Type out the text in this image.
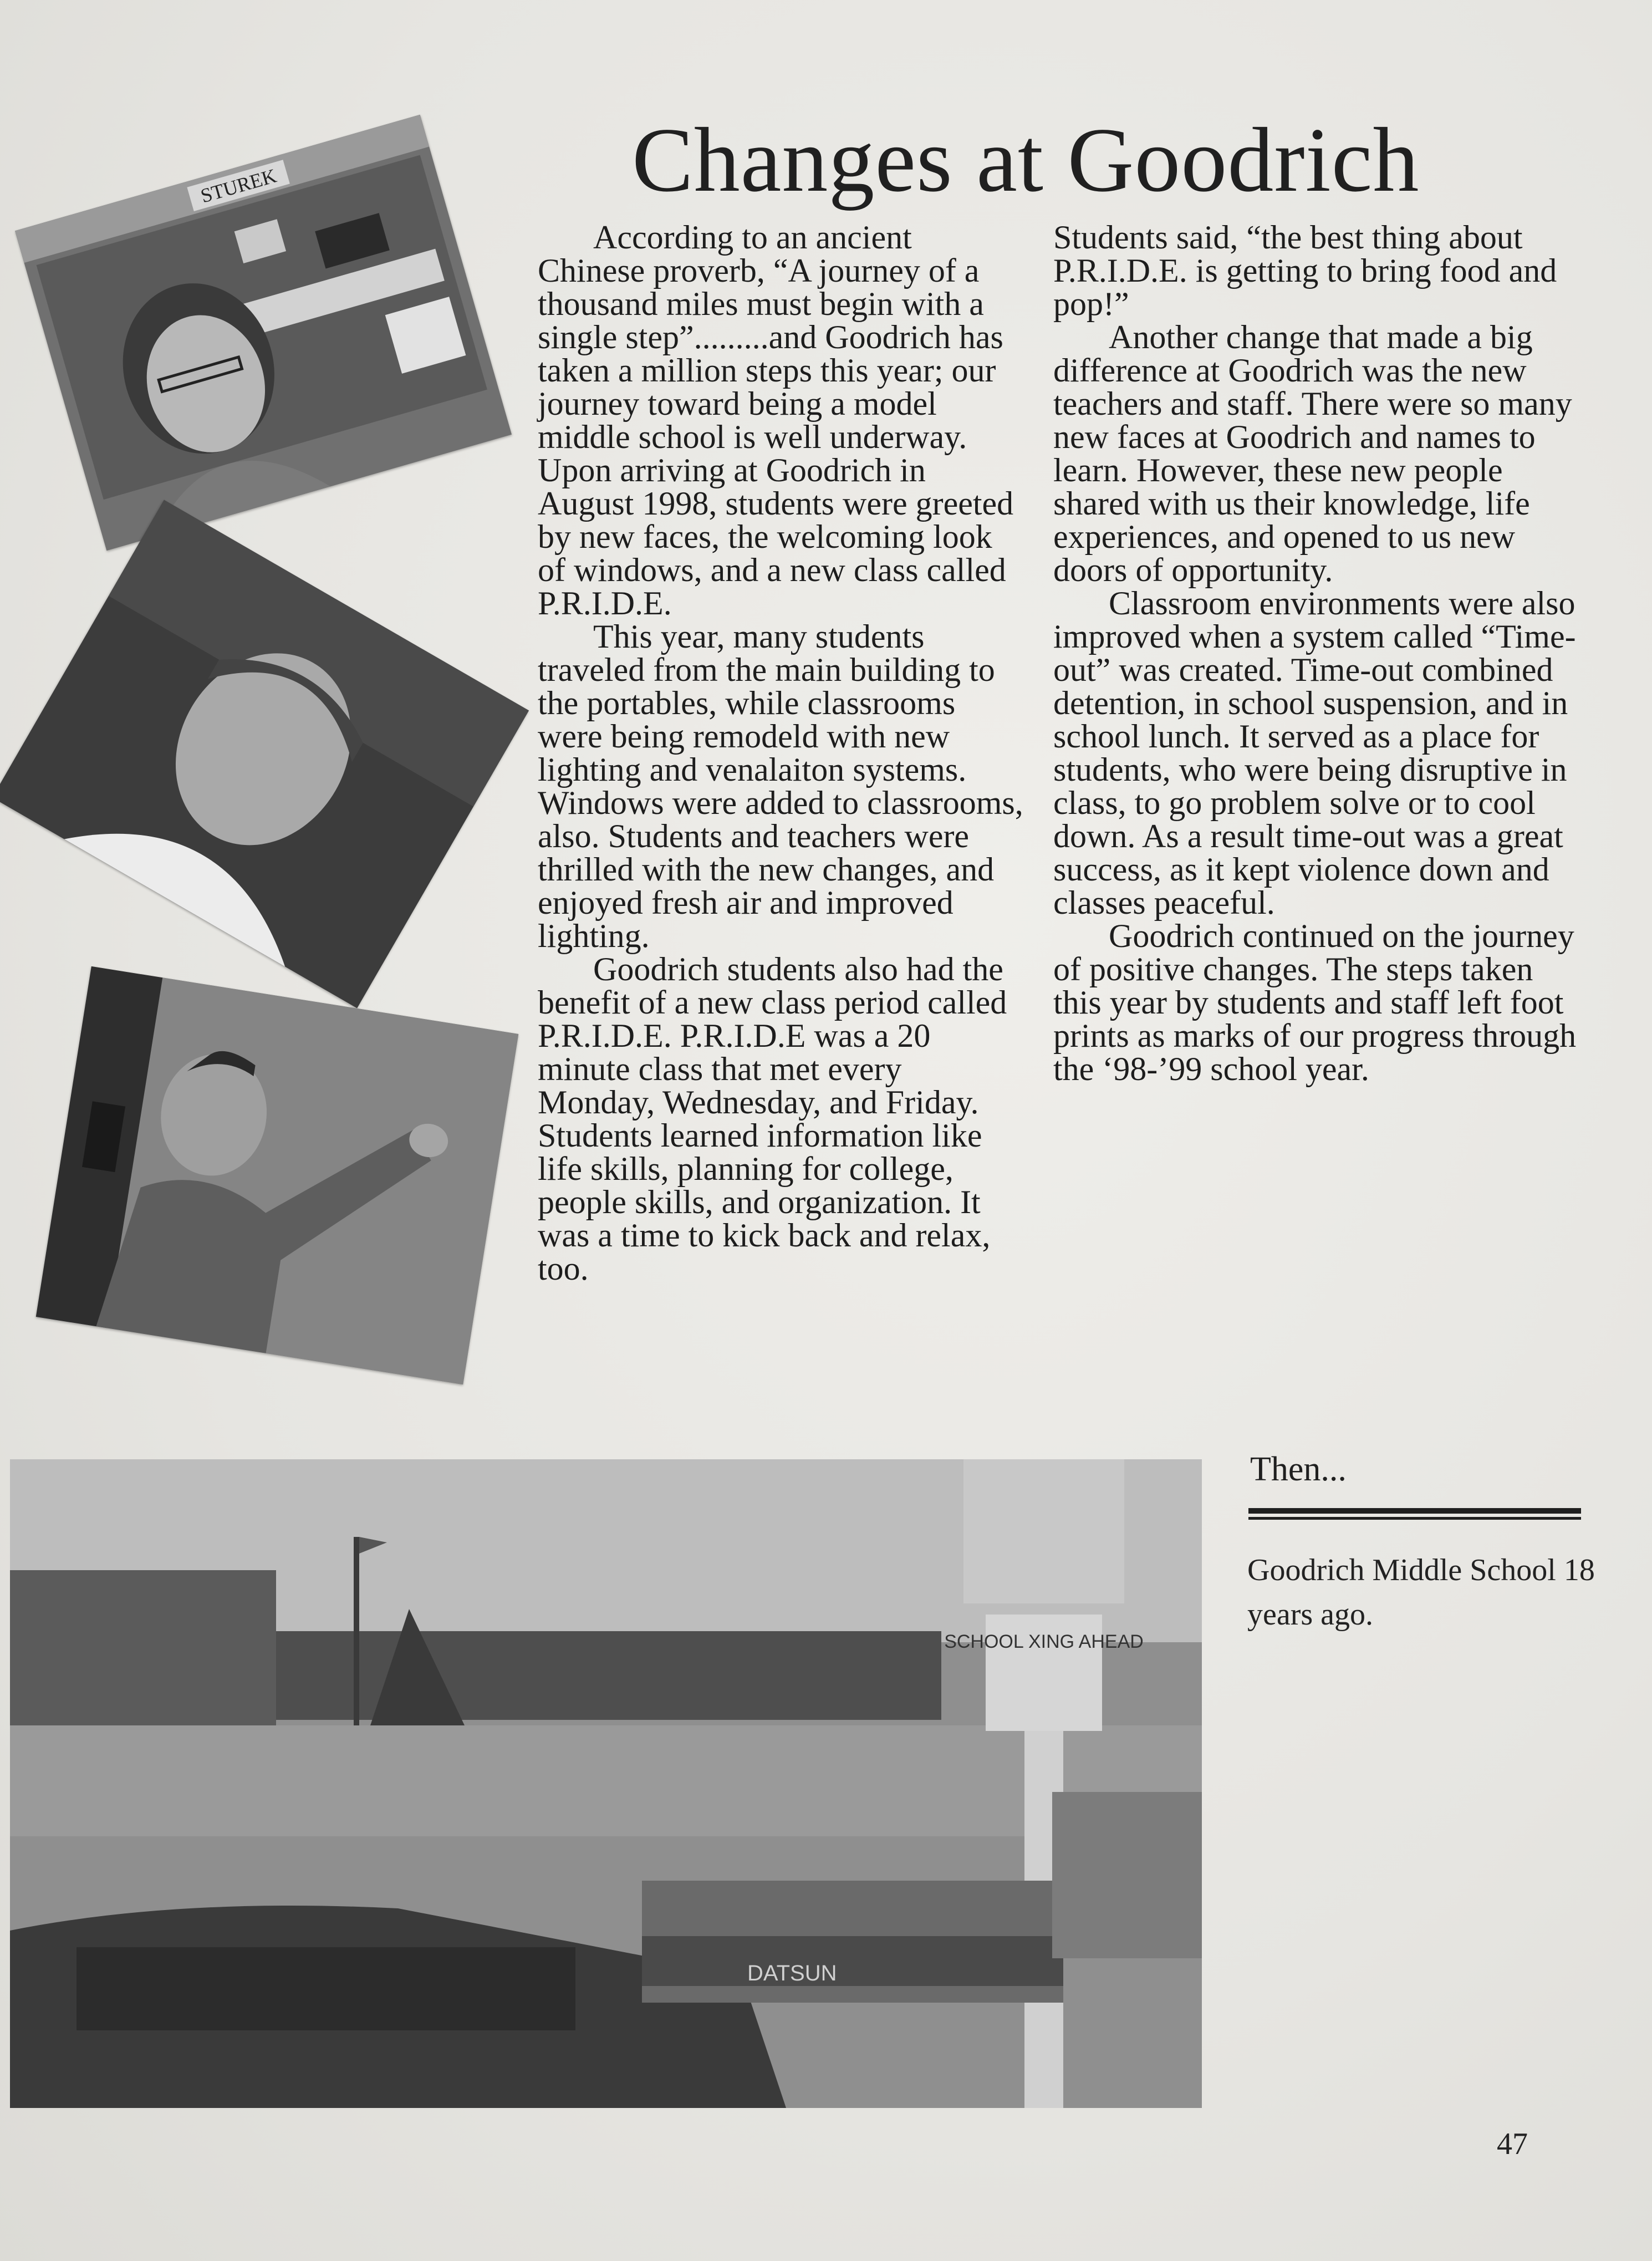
Changes at Goodrich
STUREK

According to an ancient Chinese proverb, “A journey of a thousand miles must begin with a single step”.........and Goodrich has taken a million steps this year; our journey toward being a model middle school is well underway. Upon arriving at Goodrich in August 1998, students were greeted by new faces, the welcoming look of windows, and a new class called P.R.I.D.E.

This year, many students traveled from the main building to the portables, while classrooms were being remodeld with new lighting and venalaiton systems. Windows were added to classrooms, also. Students and teachers were thrilled with the new changes, and enjoyed fresh air and improved lighting.

Goodrich students also had the benefit of a new class period called P.R.I.D.E. P.R.I.D.E was a 20 minute class that met every Monday, Wednesday, and Friday. Students learned information like life skills, planning for college, people skills, and organization. It was a time to kick back and relax, too.

Students said, “the best thing about P.R.I.D.E. is getting to bring food and pop!”

Another change that made a big difference at Goodrich was the new teachers and staff. There were so many new faces at Goodrich and names to learn. However, these new people shared with us their knowledge, life experiences, and opened to us new doors of opportunity.

Classroom environments were also improved when a system called “Time-out” was created. Time-out combined detention, in school suspension, and in school lunch. It served as a place for students, who were being disruptive in class, to go problem solve or to cool down. As a result time-out was a great success, as it kept violence down and classes peaceful.

Goodrich continued on the journey of positive changes. The steps taken this year by students and staff left foot prints as marks of our progress through the ‘98-’99 school year.

SCHOOL XING AHEAD
DATSUN
Then...
Goodrich Middle School 18 years ago.
47
